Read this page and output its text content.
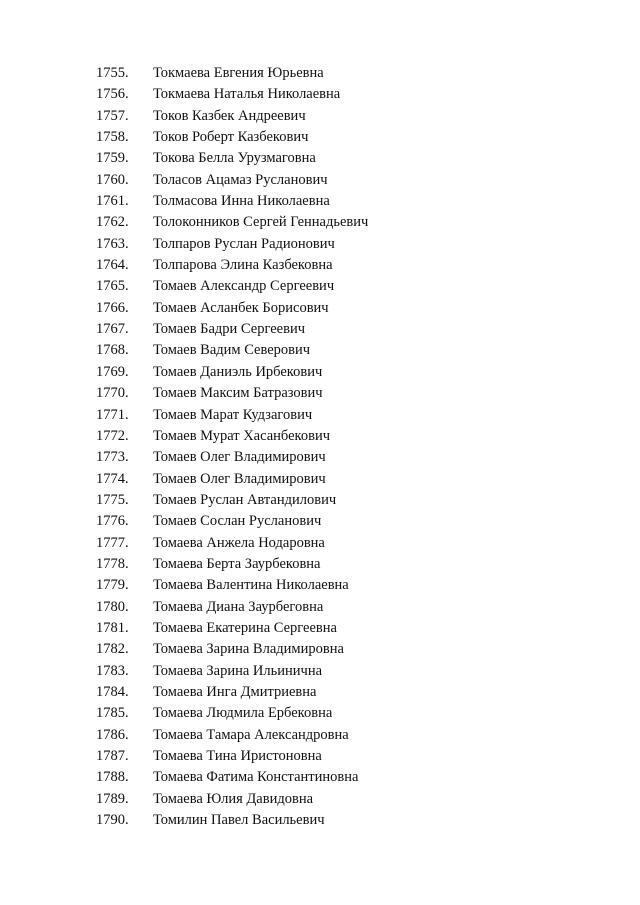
1755.	Токмаева Евгения Юрьевна
1756.	Токмаева Наталья Николаевна
1757.	Токов Казбек Андреевич
1758.	Токов Роберт Казбекович
1759.	Токова Белла Урузмаговна
1760.	Толасов Ацамаз Русланович
1761.	Толмасова Инна Николаевна
1762.	Толоконников Сергей Геннадьевич
1763.	Толпаров Руслан Радионович
1764.	Толпарова Элина Казбековна
1765.	Томаев Александр Сергеевич
1766.	Томаев Асланбек Борисович
1767.	Томаев Бадри Сергеевич
1768.	Томаев Вадим Северович
1769.	Томаев Даниэль Ирбекович
1770.	Томаев Максим Батразович
1771.	Томаев Марат Кудзагович
1772.	Томаев Мурат Хасанбекович
1773.	Томаев Олег Владимирович
1774.	Томаев Олег Владимирович
1775.	Томаев Руслан Автандилович
1776.	Томаев Сослан Русланович
1777.	Томаева Анжела Нодаровна
1778.	Томаева Берта Заурбековна
1779.	Томаева Валентина Николаевна
1780.	Томаева Диана Заурбеговна
1781.	Томаева Екатерина Сергеевна
1782.	Томаева Зарина Владимировна
1783.	Томаева Зарина Ильинична
1784.	Томаева Инга Дмитриевна
1785.	Томаева Людмила Ербековна
1786.	Томаева Тамара Александровна
1787.	Томаева Тина Иристоновна
1788.	Томаева Фатима Константиновна
1789.	Томаева Юлия Давидовна
1790.	Томилин Павел Васильевич
